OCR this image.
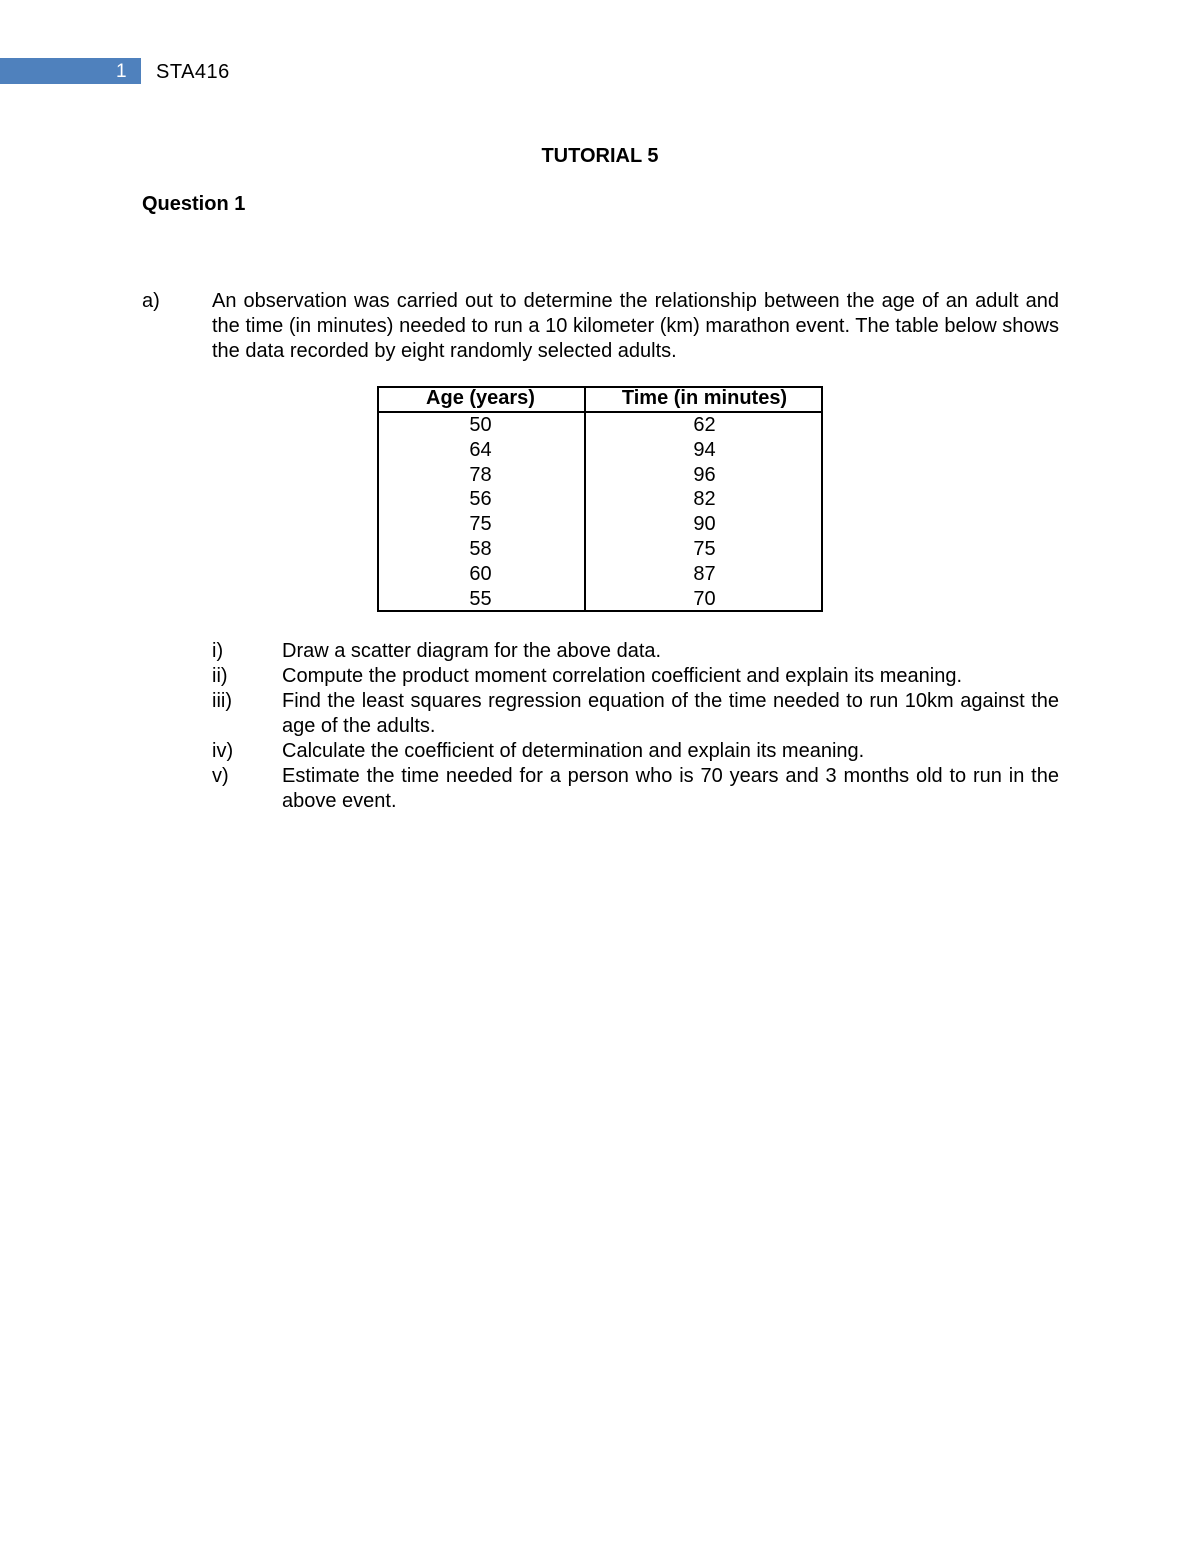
1 STA416
TUTORIAL 5
Question 1
a)	An observation was carried out to determine the relationship between the age of an adult and the time (in minutes) needed to run a 10 kilometer (km) marathon event. The table below shows the data recorded by eight randomly selected adults.
Age (years)	Time (in minutes)
50	62
64	94
78	96
56	82
75	90
58	75
60	87
55	70
i)	Draw a scatter diagram for the above data.
ii)	Compute the product moment correlation coefficient and explain its meaning.
iii)	Find the least squares regression equation of the time needed to run 10km against the age of the adults.
iv)	Calculate the coefficient of determination and explain its meaning.
v)	Estimate the time needed for a person who is 70 years and 3 months old to run in the above event.
